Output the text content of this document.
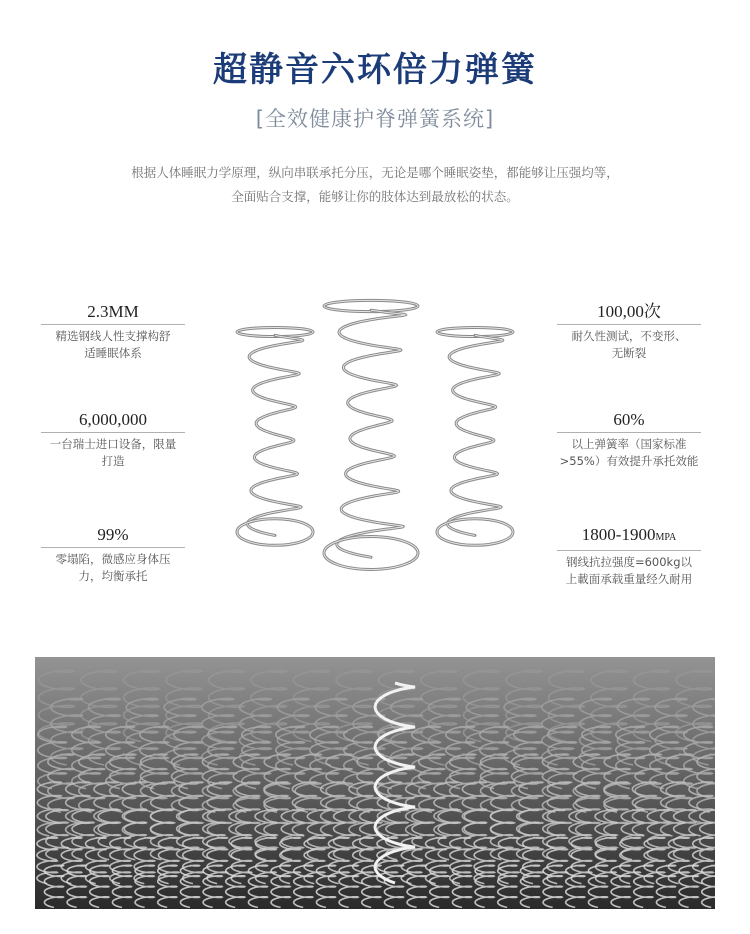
超静音六环倍力弹簧
[全效健康护脊弹簧系统]
根据人体睡眠力学原理，纵向串联承托分压，无论是哪个睡眠姿垫，都能够让压强均等，
全面贴合支撑，能够让你的肢体达到最放松的状态。
2.3MM
精选钢线人性支撑构舒
适睡眠体系
6,000,000
一台瑞士进口设备，限量
打造
99%
零塌陷，微感应身体压
力，均衡承托
100,00次
耐久性测试，不变形、
无断裂
60%
以上弹簧率（国家标准
>55%）有效提升承托效能
1800-1900MPA
钢线抗拉强度=600kg以
上載面承载重量经久耐用
